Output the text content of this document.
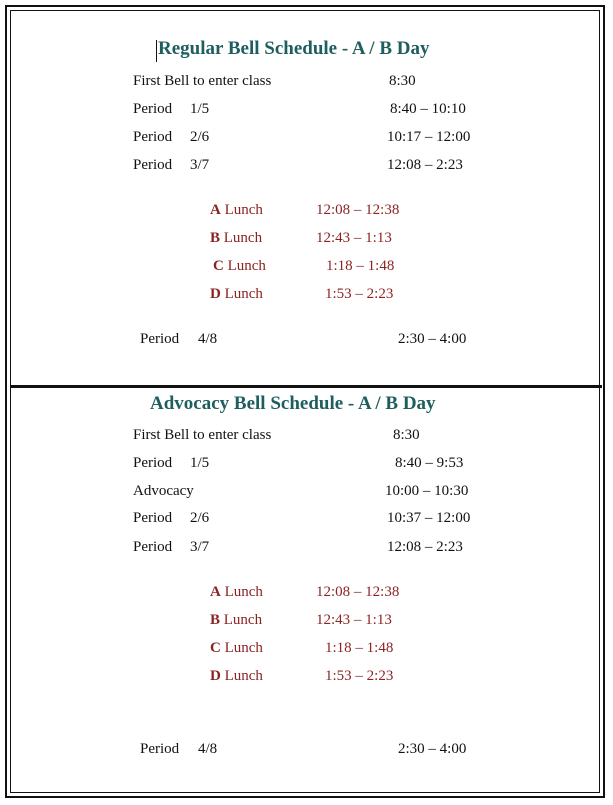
Regular Bell Schedule - A / B Day
First Bell to enter class	8:30
Period 1/5	8:40 – 10:10
Period 2/6	10:17 – 12:00
Period 3/7	12:08 – 2:23
A Lunch	12:08 – 12:38
B Lunch	12:43 – 1:13
C Lunch	1:18 – 1:48
D Lunch	1:53 – 2:23
Period 4/8	2:30 – 4:00
Advocacy Bell Schedule - A / B Day
First Bell to enter class	8:30
Period 1/5	8:40 – 9:53
Advocacy	10:00 – 10:30
Period 2/6	10:37 – 12:00
Period 3/7	12:08 – 2:23
A Lunch	12:08 – 12:38
B Lunch	12:43 – 1:13
C Lunch	1:18 – 1:48
D Lunch	1:53 – 2:23
Period 4/8	2:30 – 4:00
